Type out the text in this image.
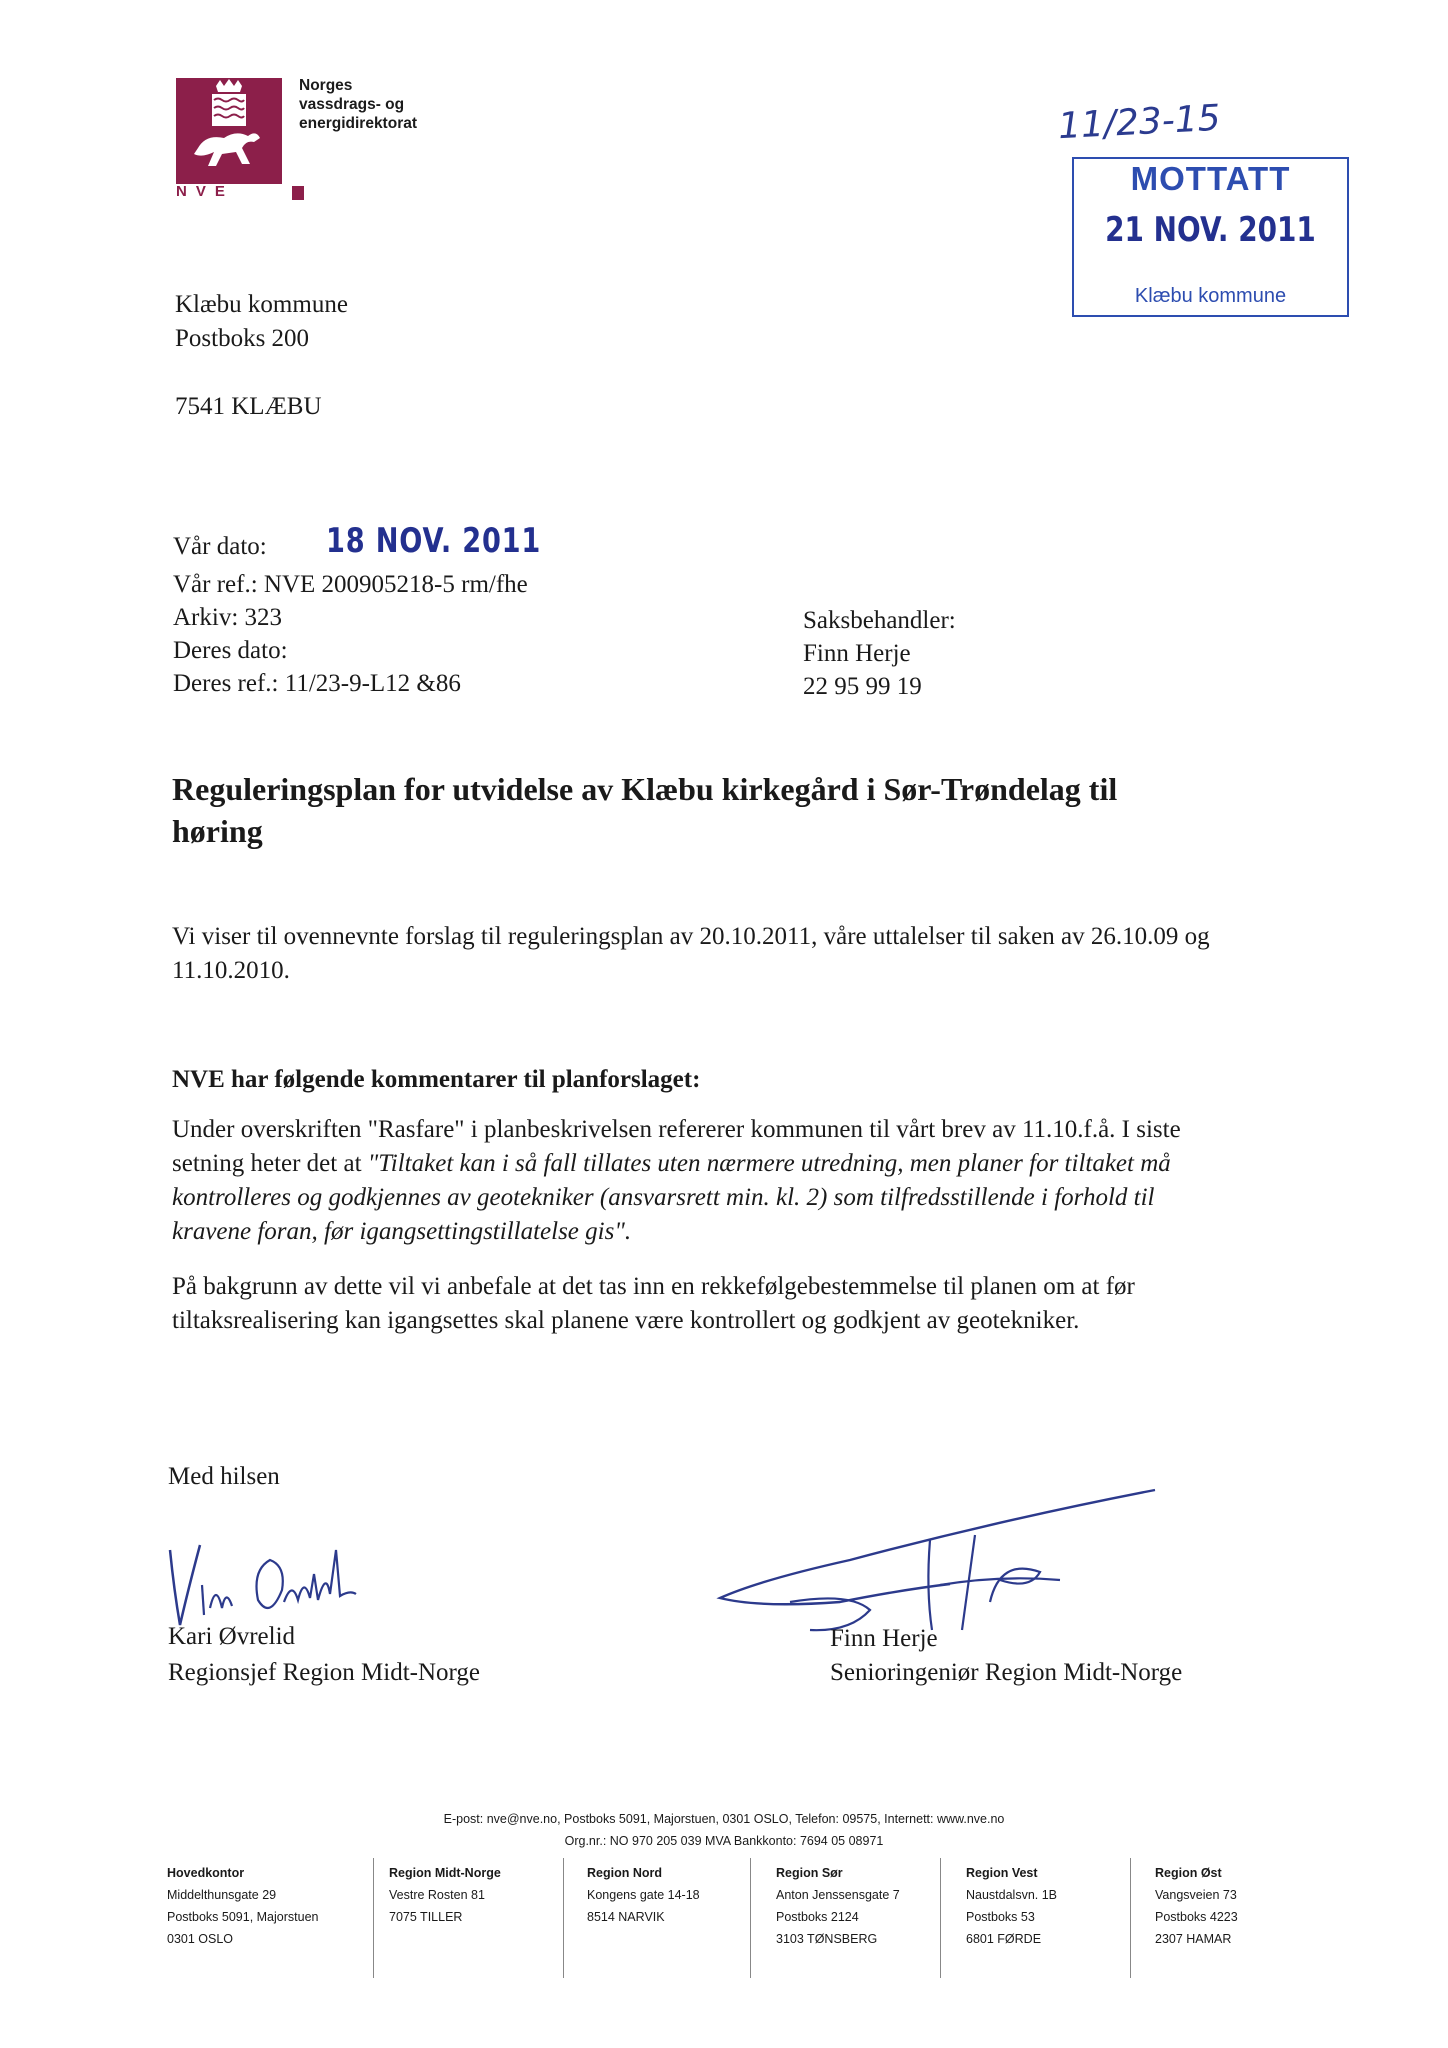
NVE
Norges
vassdrags- og
energidirektorat
Klæbu kommune
Postboks 200
7541 KLÆBU
11/23-15
MOTTATT
21 NOV. 2011
Klæbu kommune
Vår dato: 18 NOV. 2011
Vår ref.: NVE 200905218-5 rm/fhe
Arkiv: 323
Deres dato:
Deres ref.: 11/23-9-L12 &86
Saksbehandler:
Finn Herje
22 95 99 19
Reguleringsplan for utvidelse av Klæbu kirkegård i Sør-Trøndelag til
høring
Vi viser til ovennevnte forslag til reguleringsplan av 20.10.2011, våre uttalelser til saken av 26.10.09 og
11.10.2010.
NVE har følgende kommentarer til planforslaget:
Under overskriften "Rasfare" i planbeskrivelsen refererer kommunen til vårt brev av 11.10.f.å. I siste
setning heter det at "Tiltaket kan i så fall tillates uten nærmere utredning, men planer for tiltaket må
kontrolleres og godkjennes av geotekniker (ansvarsrett min. kl. 2) som tilfredsstillende i forhold til
kravene foran, før igangsettingstillatelse gis".
På bakgrunn av dette vil vi anbefale at det tas inn en rekkefølgebestemmelse til planen om at før
tiltaksrealisering kan igangsettes skal planene være kontrollert og godkjent av geotekniker.
Med hilsen
Kari Øvrelid
Regionsjef Region Midt-Norge
Finn Herje
Senioringeniør Region Midt-Norge
E-post: nve@nve.no, Postboks 5091, Majorstuen, 0301 OSLO, Telefon: 09575, Internett: www.nve.no
Org.nr.: NO 970 205 039 MVA Bankkonto: 7694 05 08971
Hovedkontor
Middelthunsgate 29
Postboks 5091, Majorstuen
0301 OSLO
Region Midt-Norge
Vestre Rosten 81
7075 TILLER
Region Nord
Kongens gate 14-18
8514 NARVIK
Region Sør
Anton Jenssensgate 7
Postboks 2124
3103 TØNSBERG
Region Vest
Naustdalsvn. 1B
Postboks 53
6801 FØRDE
Region Øst
Vangsveien 73
Postboks 4223
2307 HAMAR
